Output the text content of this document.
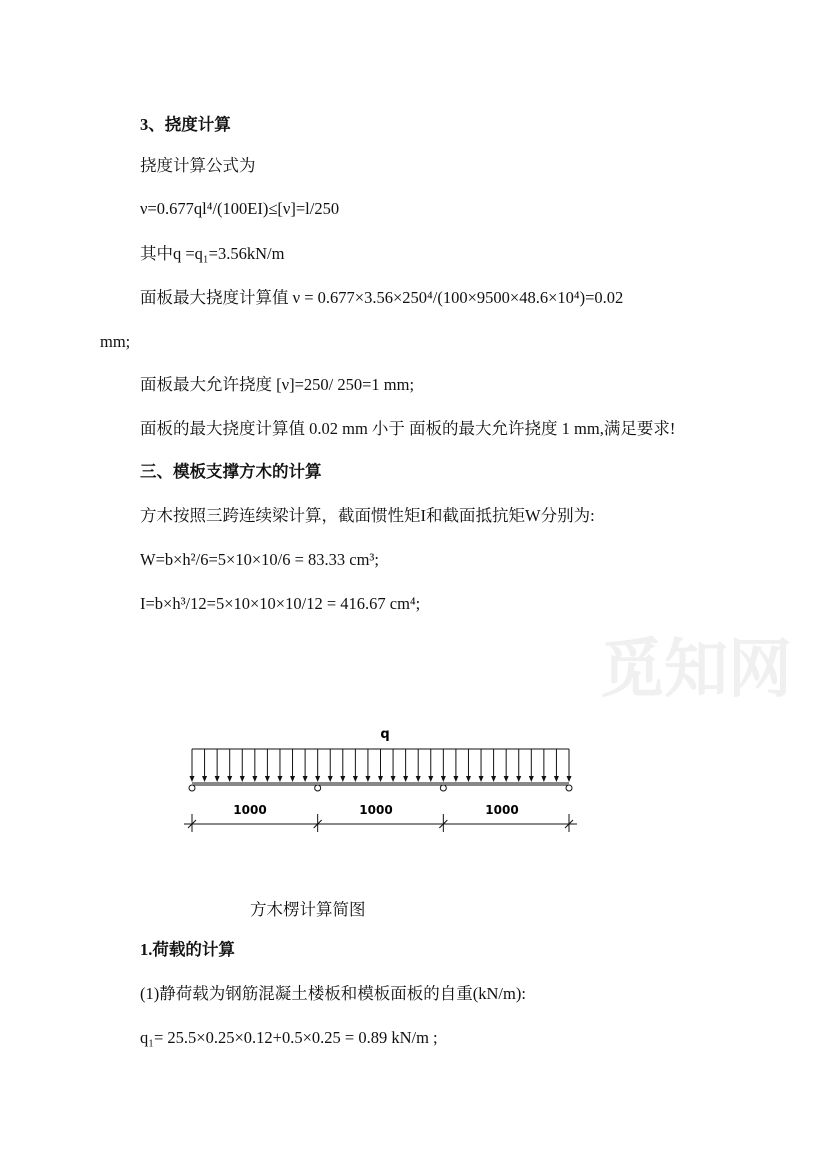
觅知网
3、挠度计算
挠度计算公式为
ν=0.677ql⁴/(100EI)≤[ν]=l/250
其中q =q₁=3.56kN/m
面板最大挠度计算值 ν = 0.677×3.56×250⁴/(100×9500×48.6×10⁴)=0.02
mm;
面板最大允许挠度 [ν]=250/ 250=1 mm;
面板的最大挠度计算值 0.02 mm 小于 面板的最大允许挠度 1 mm,满足要求!
三、模板支撑方木的计算
方木按照三跨连续梁计算，截面惯性矩I和截面抵抗矩W分别为:
W=b×h²/6=5×10×10/6 = 83.33 cm³;
I=b×h³/12=5×10×10×10/12 = 416.67 cm⁴;
q
1000	1000	1000
方木楞计算简图
1.荷载的计算
(1)静荷载为钢筋混凝土楼板和模板面板的自重(kN/m):
q₁= 25.5×0.25×0.12+0.5×0.25 = 0.89 kN/m ;
